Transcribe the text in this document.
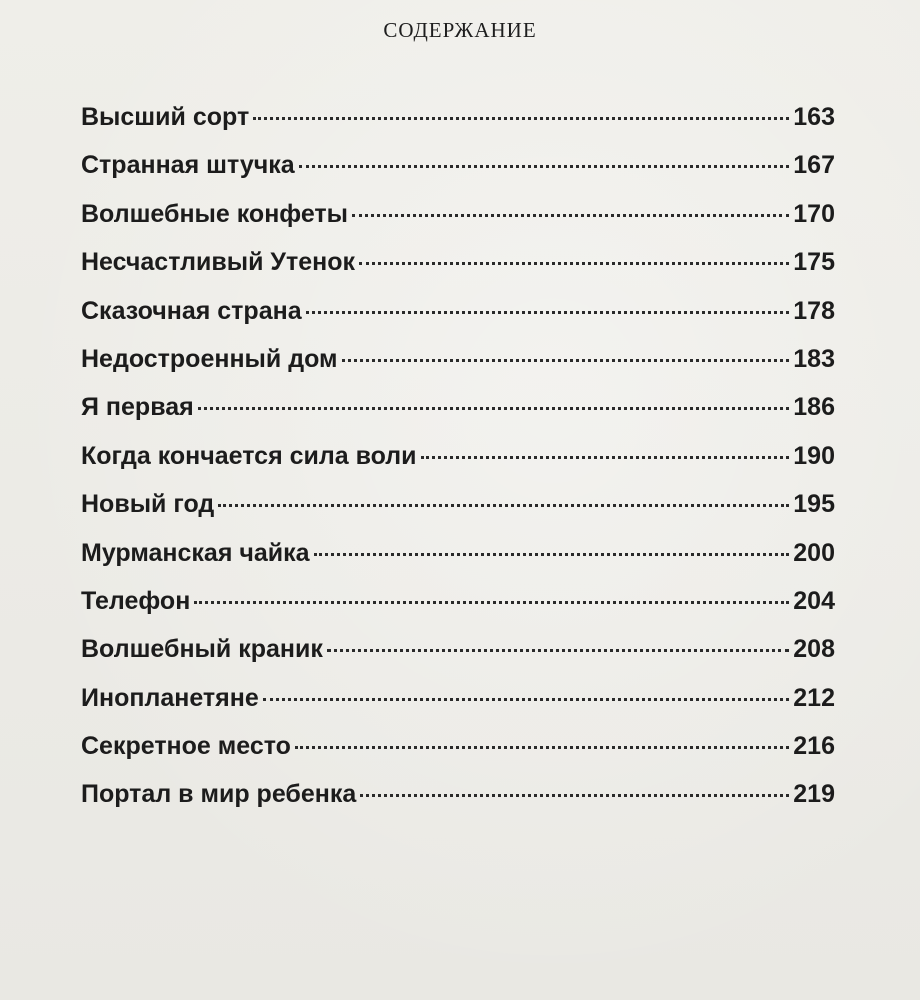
СОДЕРЖАНИЕ
Высший сорт	163
Странная штучка	167
Волшебные конфеты	170
Несчастливый Утенок	175
Сказочная страна	178
Недостроенный дом	183
Я первая	186
Когда кончается сила воли	190
Новый год	195
Мурманская чайка	200
Телефон	204
Волшебный краник	208
Инопланетяне	212
Секретное место	216
Портал в мир ребенка	219
